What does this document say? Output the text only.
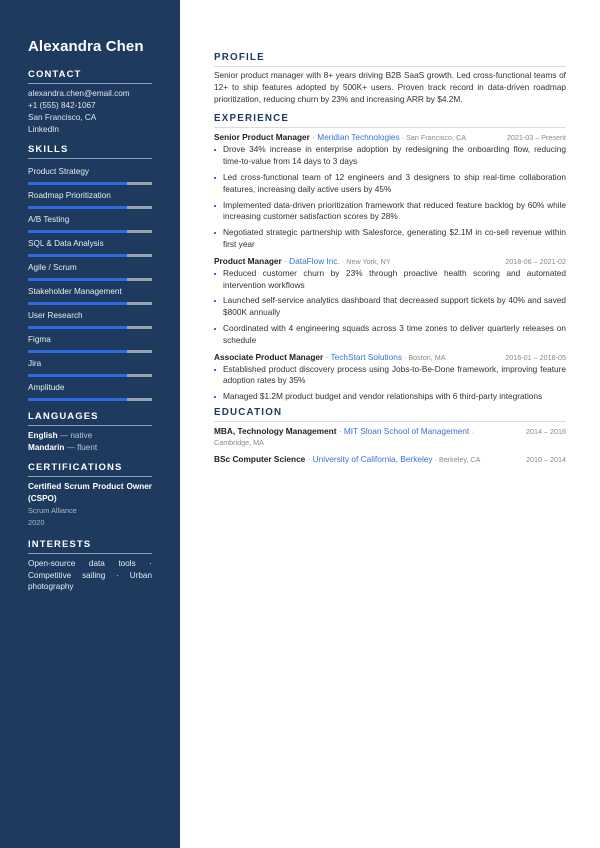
Alexandra Chen
CONTACT
alexandra.chen@email.com
+1 (555) 842-1067
San Francisco, CA
LinkedIn
SKILLS
Product Strategy
Roadmap Prioritization
A/B Testing
SQL & Data Analysis
Agile / Scrum
Stakeholder Management
User Research
Figma
Jira
Amplitude
LANGUAGES
English — native
Mandarin — fluent
CERTIFICATIONS
Certified Scrum Product Owner (CSPO)
Scrum Alliance
2020
INTERESTS
Open-source data tools · Competitive sailing · Urban photography
PROFILE

Senior product manager with 8+ years driving B2B SaaS growth. Led cross-functional teams of 12+ to ship features adopted by 500K+ users. Proven track record in data-driven roadmap prioritization, reducing churn by 23% and increasing ARR by $4.2M.

EXPERIENCE
Senior Product Manager · Meridian Technologies · San Francisco, CA	2021-03 – Present
Drove 34% increase in enterprise adoption by redesigning the onboarding flow, reducing time-to-value from 14 days to 3 days
Led cross-functional team of 12 engineers and 3 designers to ship real-time collaboration features, increasing daily active users by 45%
Implemented data-driven prioritization framework that reduced feature backlog by 60% while increasing customer satisfaction scores by 28%
Negotiated strategic partnership with Salesforce, generating $2.1M in co-sell revenue within first year
Product Manager · DataFlow Inc. · New York, NY	2018-06 – 2021-02
Reduced customer churn by 23% through proactive health scoring and automated intervention workflows
Launched self-service analytics dashboard that decreased support tickets by 40% and saved $800K annually
Coordinated with 4 engineering squads across 3 time zones to deliver quarterly releases on schedule
Associate Product Manager · TechStart Solutions · Boston, MA	2016-01 – 2018-05
Established product discovery process using Jobs-to-Be-Done framework, improving feature adoption rates by 35%
Managed $1.2M product budget and vendor relationships with 6 third-party integrations
EDUCATION
MBA, Technology Management · MIT Sloan School of Management ·	2014 – 2016
Cambridge, MA
BSc Computer Science · University of California, Berkeley · Berkeley, CA	2010 – 2014
